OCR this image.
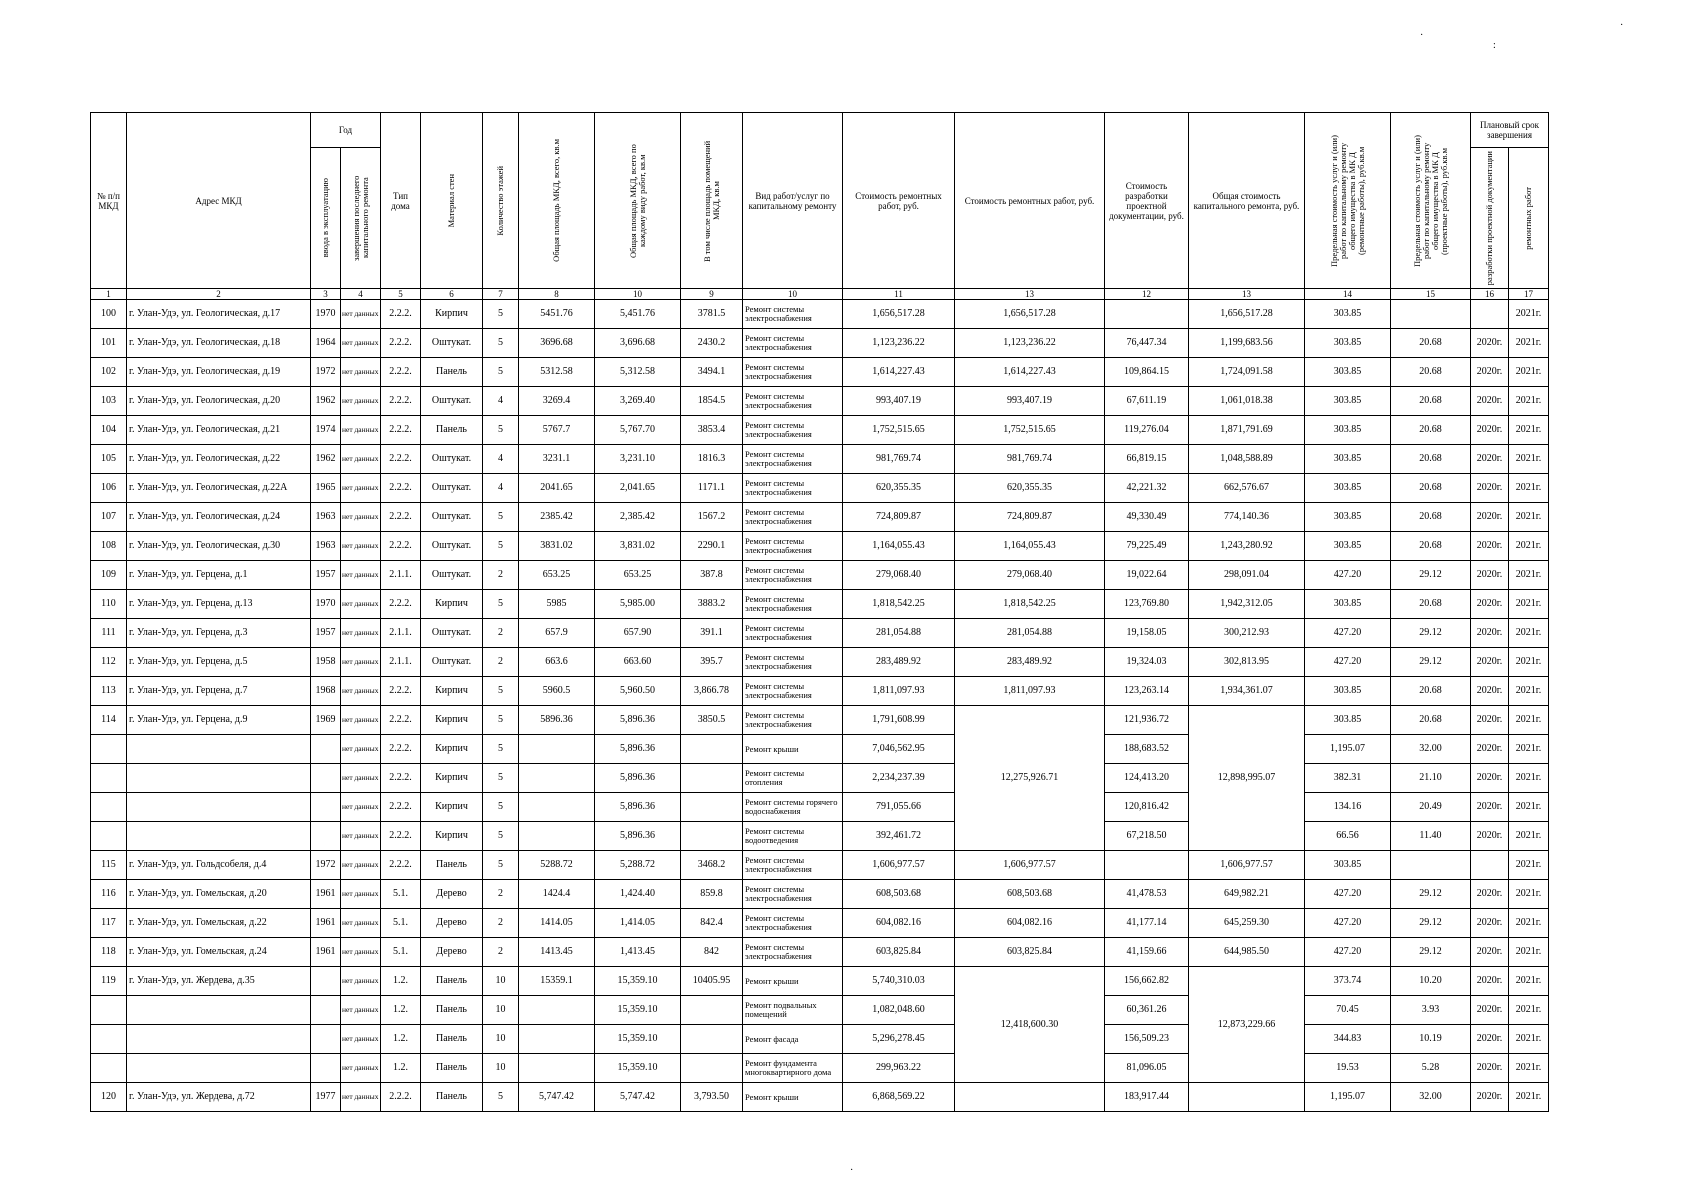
№ п/п МКД	Адрес МКД	Год		Тип дома	Материал стен	Количество этажей	Общая площадь МКД, всего, кв.м	Общая площадь МКД, всего по каждому виду работ, кв.м	В том числе площадь помещений МКД, кв.м	Вид работ/услуг по капитальному ремонту	Стоимость ремонтных работ, руб.	Стоимость ремонтных работ, руб.	Стоимость разработки проектной документации, руб.	Общая стоимость капитального ремонта, руб.	Предельная стоимость услуг и (или) работ по капитальному ремонту общего имущества в МК Д (ремонтные работы), руб.кв.м	Предельная стоимость услуг и (или) работ по капитальному ремонту общего имущества в МК Д (проектные работы), руб.кв.м	Плановый срок завершения	

		ввода в эксплуатацию	завершения последнего капитального ремонта														разработки проектной документации	ремонтных работ

1	2	3	4	5	6	7	8	10	9	10	11	13	12	13	14	15	16	17
100	г. Улан-Удэ, ул. Геологическая, д.17	1970	нет данных	2.2.2.	Кирпич	5	5451.76	5,451.76	3781.5	Ремонт системы электроснабжения	1,656,517.28	1,656,517.28		1,656,517.28	303.85			2021г.
101	г. Улан-Удэ, ул. Геологическая, д.18	1964	нет данных	2.2.2.	Оштукат.	5	3696.68	3,696.68	2430.2	Ремонт системы электроснабжения	1,123,236.22	1,123,236.22	76,447.34	1,199,683.56	303.85	20.68	2020г.	2021г.
102	г. Улан-Удэ, ул. Геологическая, д.19	1972	нет данных	2.2.2.	Панель	5	5312.58	5,312.58	3494.1	Ремонт системы электроснабжения	1,614,227.43	1,614,227.43	109,864.15	1,724,091.58	303.85	20.68	2020г.	2021г.
103	г. Улан-Удэ, ул. Геологическая, д.20	1962	нет данных	2.2.2.	Оштукат.	4	3269.4	3,269.40	1854.5	Ремонт системы электроснабжения	993,407.19	993,407.19	67,611.19	1,061,018.38	303.85	20.68	2020г.	2021г.
104	г. Улан-Удэ, ул. Геологическая, д.21	1974	нет данных	2.2.2.	Панель	5	5767.7	5,767.70	3853.4	Ремонт системы электроснабжения	1,752,515.65	1,752,515.65	119,276.04	1,871,791.69	303.85	20.68	2020г.	2021г.
105	г. Улан-Удэ, ул. Геологическая, д.22	1962	нет данных	2.2.2.	Оштукат.	4	3231.1	3,231.10	1816.3	Ремонт системы электроснабжения	981,769.74	981,769.74	66,819.15	1,048,588.89	303.85	20.68	2020г.	2021г.
106	г. Улан-Удэ, ул. Геологическая, д.22А	1965	нет данных	2.2.2.	Оштукат.	4	2041.65	2,041.65	1171.1	Ремонт системы электроснабжения	620,355.35	620,355.35	42,221.32	662,576.67	303.85	20.68	2020г.	2021г.
107	г. Улан-Удэ, ул. Геологическая, д.24	1963	нет данных	2.2.2.	Оштукат.	5	2385.42	2,385.42	1567.2	Ремонт системы электроснабжения	724,809.87	724,809.87	49,330.49	774,140.36	303.85	20.68	2020г.	2021г.
108	г. Улан-Удэ, ул. Геологическая, д.30	1963	нет данных	2.2.2.	Оштукат.	5	3831.02	3,831.02	2290.1	Ремонт системы электроснабжения	1,164,055.43	1,164,055.43	79,225.49	1,243,280.92	303.85	20.68	2020г.	2021г.
109	г. Улан-Удэ, ул. Герцена, д.1	1957	нет данных	2.1.1.	Оштукат.	2	653.25	653.25	387.8	Ремонт системы электроснабжения	279,068.40	279,068.40	19,022.64	298,091.04	427.20	29.12	2020г.	2021г.
110	г. Улан-Удэ, ул. Герцена, д.13	1970	нет данных	2.2.2.	Кирпич	5	5985	5,985.00	3883.2	Ремонт системы электроснабжения	1,818,542.25	1,818,542.25	123,769.80	1,942,312.05	303.85	20.68	2020г.	2021г.
111	г. Улан-Удэ, ул. Герцена, д.3	1957	нет данных	2.1.1.	Оштукат.	2	657.9	657.90	391.1	Ремонт системы электроснабжения	281,054.88	281,054.88	19,158.05	300,212.93	427.20	29.12	2020г.	2021г.
112	г. Улан-Удэ, ул. Герцена, д.5	1958	нет данных	2.1.1.	Оштукат.	2	663.6	663.60	395.7	Ремонт системы электроснабжения	283,489.92	283,489.92	19,324.03	302,813.95	427.20	29.12	2020г.	2021г.
113	г. Улан-Удэ, ул. Герцена, д.7	1968	нет данных	2.2.2.	Кирпич	5	5960.5	5,960.50	3,866.78	Ремонт системы электроснабжения	1,811,097.93	1,811,097.93	123,263.14	1,934,361.07	303.85	20.68	2020г.	2021г.
114	г. Улан-Удэ, ул. Герцена, д.9	1969	нет данных	2.2.2.	Кирпич	5	5896.36	5,896.36	3850.5	Ремонт системы электроснабжения	1,791,608.99	12,275,926.71	121,936.72	12,898,995.07	303.85	20.68	2020г.	2021г.
			нет данных	2.2.2.	Кирпич	5		5,896.36		Ремонт крыши	7,046,562.95		188,683.52		1,195.07	32.00	2020г.	2021г.
			нет данных	2.2.2.	Кирпич	5		5,896.36		Ремонт системы отопления	2,234,237.39		124,413.20		382.31	21.10	2020г.	2021г.
			нет данных	2.2.2.	Кирпич	5		5,896.36		Ремонт системы горячего водоснабжения	791,055.66		120,816.42		134.16	20.49	2020г.	2021г.
			нет данных	2.2.2.	Кирпич	5		5,896.36		Ремонт системы водоотведения	392,461.72		67,218.50		66.56	11.40	2020г.	2021г.
115	г. Улан-Удэ, ул. Гольдсобеля, д.4	1972	нет данных	2.2.2.	Панель	5	5288.72	5,288.72	3468.2	Ремонт системы электроснабжения	1,606,977.57	1,606,977.57		1,606,977.57	303.85			2021г.
116	г. Улан-Удэ, ул. Гомельская, д.20	1961	нет данных	5.1.	Дерево	2	1424.4	1,424.40	859.8	Ремонт системы электроснабжения	608,503.68	608,503.68	41,478.53	649,982.21	427.20	29.12	2020г.	2021г.
117	г. Улан-Удэ, ул. Гомельская, д.22	1961	нет данных	5.1.	Дерево	2	1414.05	1,414.05	842.4	Ремонт системы электроснабжения	604,082.16	604,082.16	41,177.14	645,259.30	427.20	29.12	2020г.	2021г.
118	г. Улан-Удэ, ул. Гомельская, д.24	1961	нет данных	5.1.	Дерево	2	1413.45	1,413.45	842	Ремонт системы электроснабжения	603,825.84	603,825.84	41,159.66	644,985.50	427.20	29.12	2020г.	2021г.
119	г. Улан-Удэ, ул. Жердева, д.35		нет данных	1.2.	Панель	10	15359.1	15,359.10	10405.95	Ремонт крыши	5,740,310.03	12,418,600.30	156,662.82	12,873,229.66	373.74	10.20	2020г.	2021г.
			нет данных	1.2.	Панель	10		15,359.10		Ремонт подвальных помещений	1,082,048.60		60,361.26		70.45	3.93	2020г.	2021г.
			нет данных	1.2.	Панель	10		15,359.10		Ремонт фасада	5,296,278.45		156,509.23		344.83	10.19	2020г.	2021г.
			нет данных	1.2.	Панель	10		15,359.10		Ремонт фундамента многоквартирного дома	299,963.22		81,096.05		19.53	5.28	2020г.	2021г.
120	г. Улан-Удэ, ул. Жердева, д.72	1977	нет данных	2.2.2.	Панель	5	5,747.42	5,747.42	3,793.50	Ремонт крыши	6,868,569.22		183,917.44		1,195.07	32.00	2020г.	2021г.
·
:
·
·
